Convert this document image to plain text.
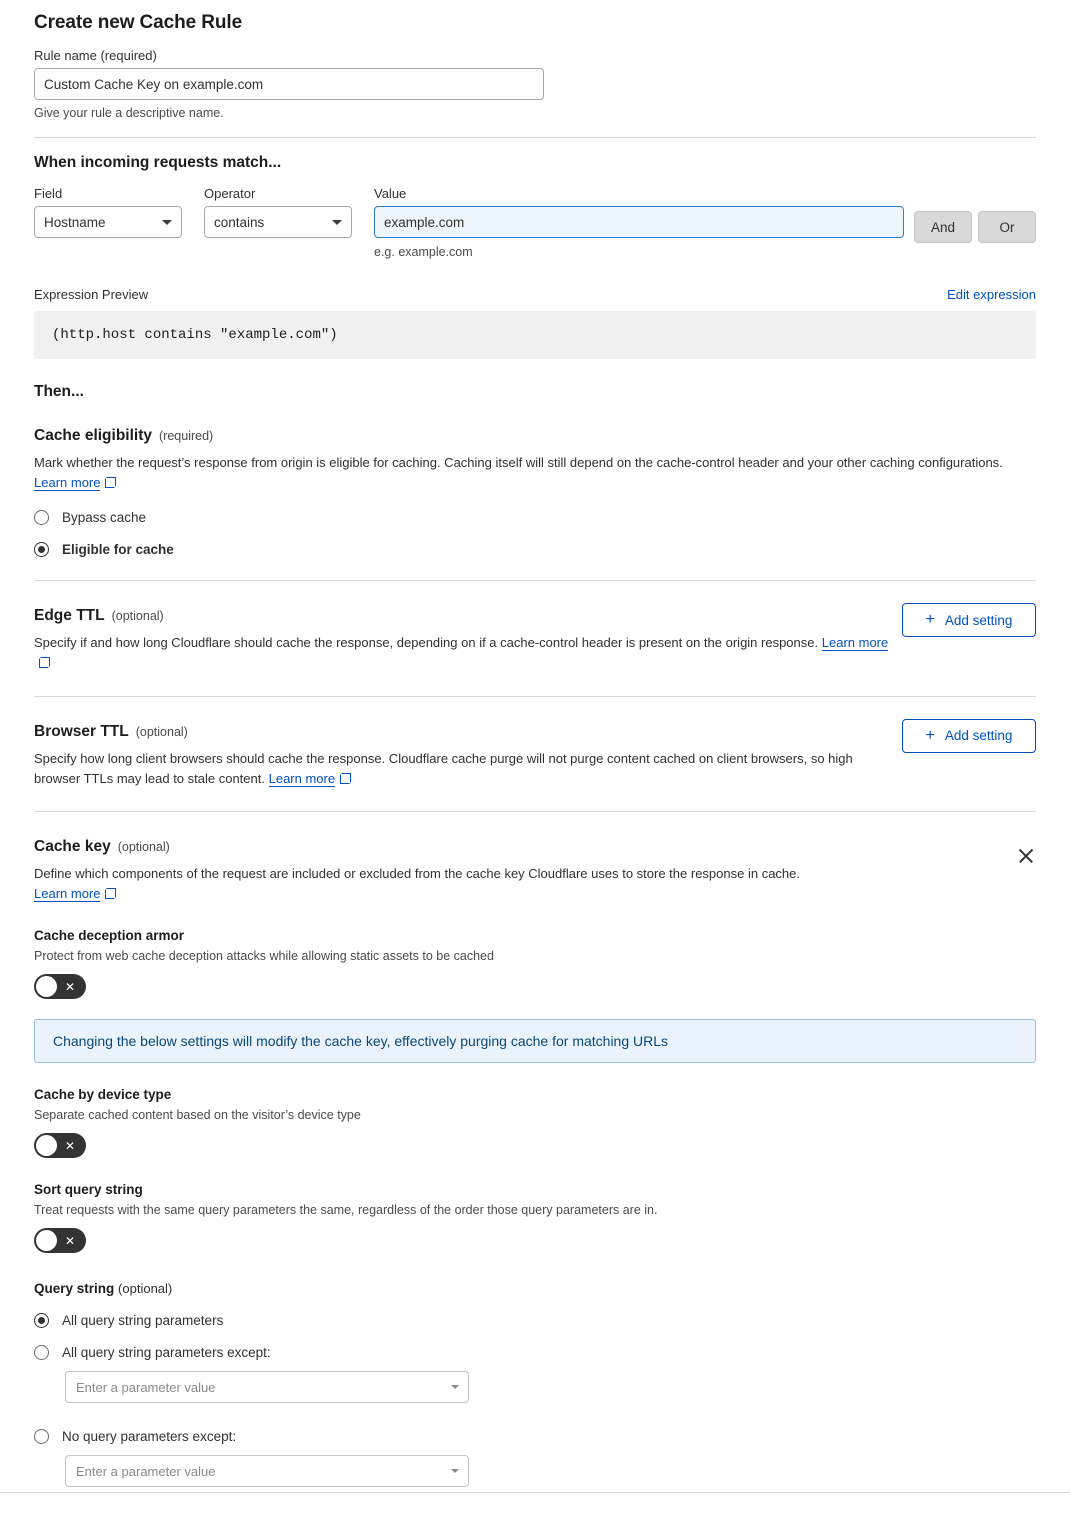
Create new Cache Rule
Rule name (required)
Custom Cache Key on example.com
Give your rule a descriptive name.
When incoming requests match...
Field
Hostname
Operator
contains
Value
example.com
e.g. example.com
And	Or
Expression Preview	Edit expression
(http.host contains "example.com")
Then...
Cache eligibility (required)
Mark whether the request’s response from origin is eligible for caching. Caching itself will still depend on the cache-control header and your other caching configurations. Learn more
Bypass cache
Eligible for cache
Edge TTL (optional)
Specify if and how long Cloudflare should cache the response, depending on if a cache-control header is present on the origin response. Learn more
+ Add setting
Browser TTL (optional)
Specify how long client browsers should cache the response. Cloudflare cache purge will not purge content cached on client browsers, so high browser TTLs may lead to stale content. Learn more
+ Add setting
Cache key (optional)
Define which components of the request are included or excluded from the cache key Cloudflare uses to store the response in cache.
Learn more
Cache deception armor
Protect from web cache deception attacks while allowing static assets to be cached
✕
Changing the below settings will modify the cache key, effectively purging cache for matching URLs
Cache by device type
Separate cached content based on the visitor’s device type
✕
Sort query string
Treat requests with the same query parameters the same, regardless of the order those query parameters are in.
✕
Query string (optional)
All query string parameters
All query string parameters except:
Enter a parameter value
No query parameters except:
Enter a parameter value
